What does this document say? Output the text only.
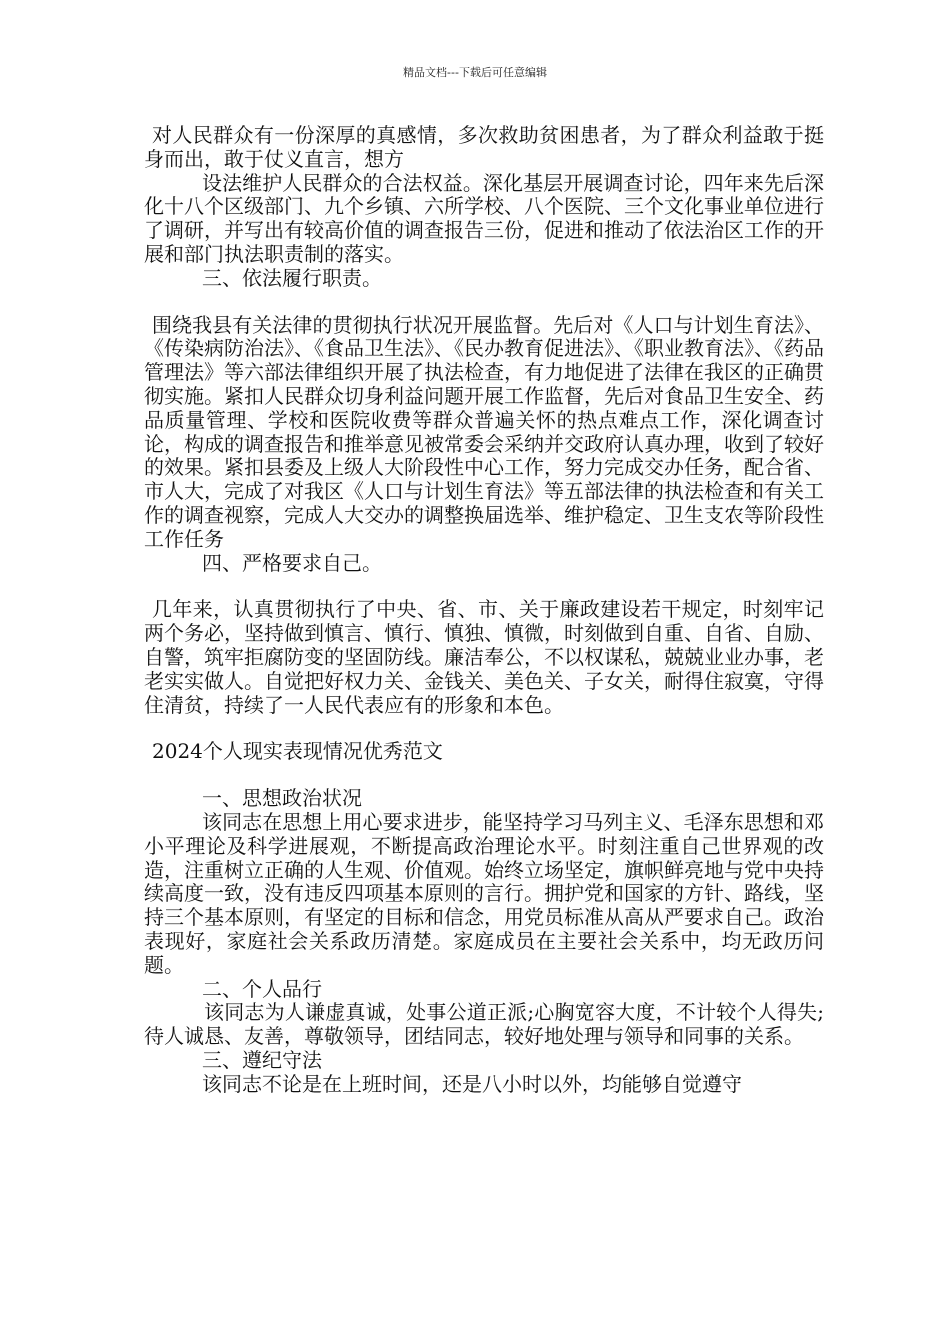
精品文档---下载后可任意编辑

对人民群众有一份深厚的真感情，多次救助贫困患者，为了群众利益敢于挺身而出，敢于仗义直言，想方

设法维护人民群众的合法权益。深化基层开展调查讨论，四年来先后深化十八个区级部门、九个乡镇、六所学校、八个医院、三个文化事业单位进行了调研，并写出有较高价值的调查报告三份，促进和推动了依法治区工作的开展和部门执法职责制的落实。

三、依法履行职责。

围绕我县有关法律的贯彻执行状况开展监督。先后对《人口与计划生育法》、《传染病防治法》、《食品卫生法》、《民办教育促进法》、《职业教育法》、《药品管理法》等六部法律组织开展了执法检查，有力地促进了法律在我区的正确贯彻实施。紧扣人民群众切身利益问题开展工作监督，先后对食品卫生安全、药品质量管理、学校和医院收费等群众普遍关怀的热点难点工作，深化调查讨论，构成的调查报告和推举意见被常委会采纳并交政府认真办理，收到了较好的效果。紧扣县委及上级人大阶段性中心工作，努力完成交办任务，配合省、市人大，完成了对我区《人口与计划生育法》等五部法律的执法检查和有关工作的调查视察，完成人大交办的调整换届选举、维护稳定、卫生支农等阶段性工作任务

四、严格要求自己。

几年来，认真贯彻执行了中央、省、市、关于廉政建设若干规定，时刻牢记两个务必，坚持做到慎言、慎行、慎独、慎微，时刻做到自重、自省、自励、自警，筑牢拒腐防变的坚固防线。廉洁奉公，不以权谋私，兢兢业业办事，老老实实做人。自觉把好权力关、金钱关、美色关、子女关，耐得住寂寞，守得住清贫，持续了一人民代表应有的形象和本色。

2024个人现实表现情况优秀范文

一、思想政治状况

该同志在思想上用心要求进步，能坚持学习马列主义、毛泽东思想和邓小平理论及科学进展观，不断提高政治理论水平。时刻注重自己世界观的改造，注重树立正确的人生观、价值观。始终立场坚定，旗帜鲜亮地与党中央持续高度一致，没有违反四项基本原则的言行。拥护党和国家的方针、路线，坚持三个基本原则，有坚定的目标和信念，用党员标准从高从严要求自己。政治表现好，家庭社会关系政历清楚。家庭成员在主要社会关系中，均无政历问题。

二、个人品行

该同志为人谦虚真诚，处事公道正派;心胸宽容大度，不计较个人得失;待人诚恳、友善，尊敬领导，团结同志，较好地处理与领导和同事的关系。

三、遵纪守法

该同志不论是在上班时间，还是八小时以外，均能够自觉遵守
